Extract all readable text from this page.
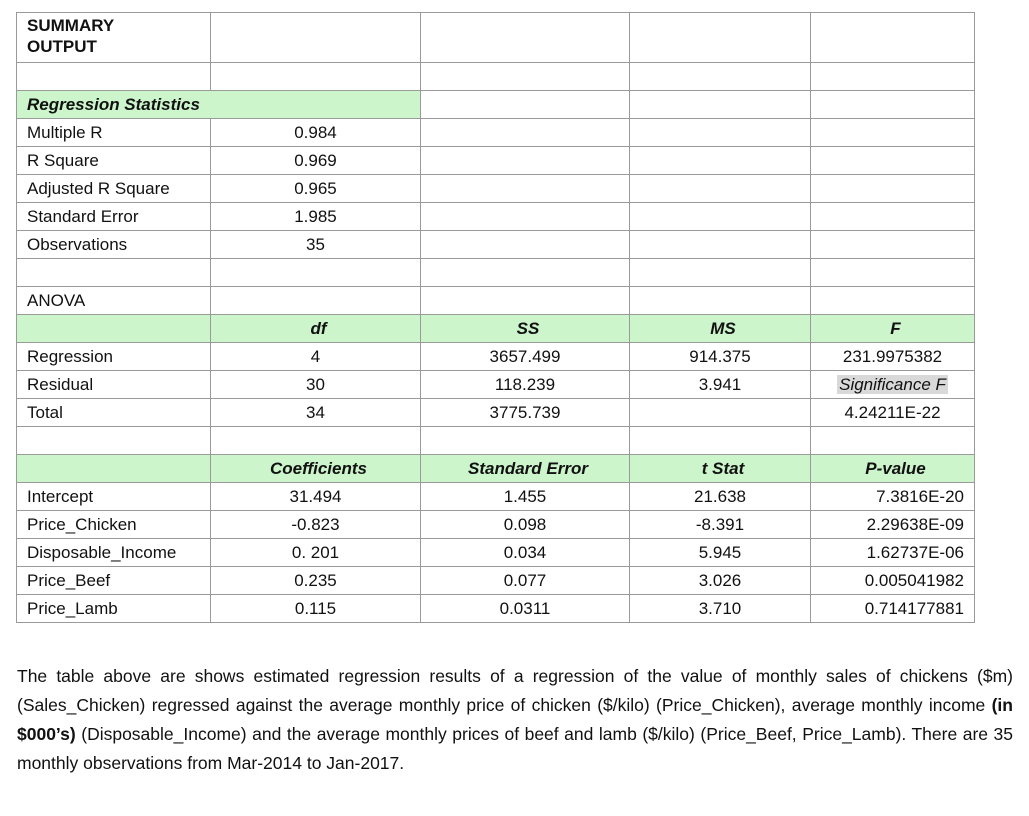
SUMMARY
OUTPUT				

Regression Statistics				
Multiple R	0.984			
R Square	0.969			
Adjusted R Square	0.965			
Standard Error	1.985			
Observations	35			

ANOVA				
	df	SS	MS	F
Regression	4	3657.499	914.375	231.9975382
Residual	30	118.239	3.941	Significance F
Total	34	3775.739		4.24211E-22

	Coefficients	Standard Error	t Stat	P-value
Intercept	31.494	1.455	21.638	7.3816E-20
Price_Chicken	-0.823	0.098	-8.391	2.29638E-09
Disposable_Income	0. 201	0.034	5.945	1.62737E-06
Price_Beef	0.235	0.077	3.026	0.005041982
Price_Lamb	0.115	0.0311	3.710	0.714177881

The table above are shows estimated regression results of a regression of the value of monthly sales of chickens ($m) (Sales_Chicken) regressed against the average monthly price of chicken ($/kilo) (Price_Chicken), average monthly income (in $000’s) (Disposable_Income) and the average monthly prices of beef and lamb ($/kilo) (Price_Beef, Price_Lamb). There are 35 monthly observations from Mar-2014 to Jan-2017.
